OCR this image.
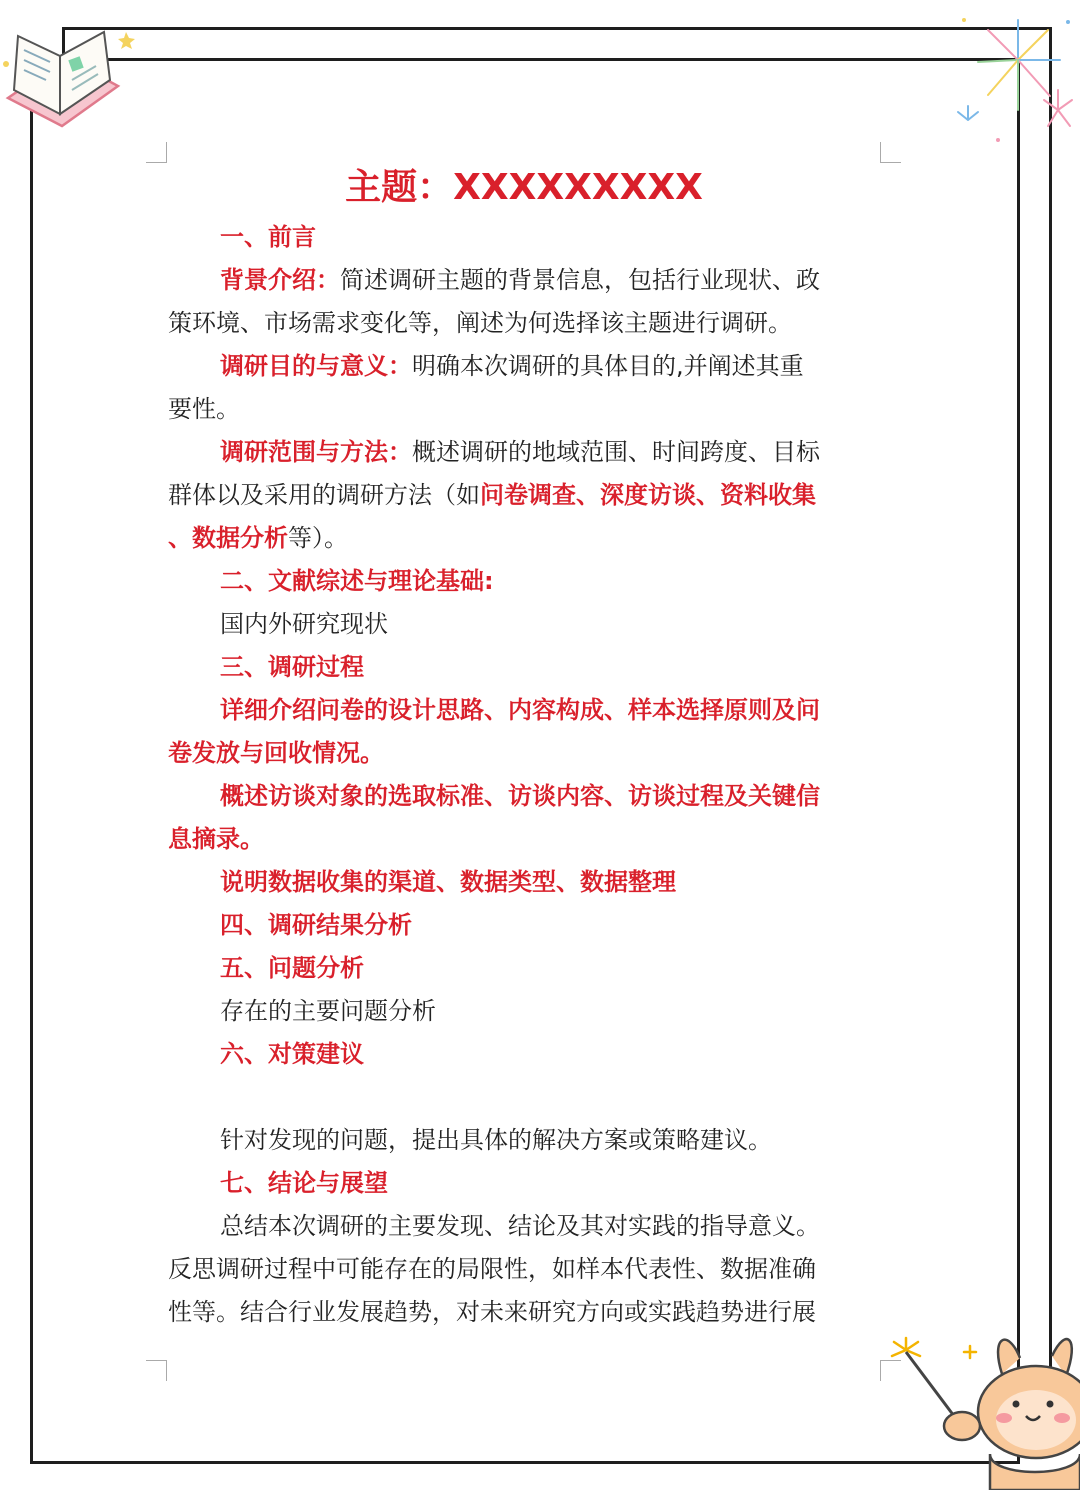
主题：XXXXXXXXX
一、前言
背景介绍：简述调研主题的背景信息，包括行业现状、政
策环境、市场需求变化等，阐述为何选择该主题进行调研。
调研目的与意义：明确本次调研的具体目的,并阐述其重
要性。
调研范围与方法：概述调研的地域范围、时间跨度、目标
群体以及采用的调研方法（如问卷调查、深度访谈、资料收集
、数据分析等）。
二、文献综述与理论基础:
国内外研究现状
三、调研过程
详细介绍问卷的设计思路、内容构成、样本选择原则及问
卷发放与回收情况。
概述访谈对象的选取标准、访谈内容、访谈过程及关键信
息摘录。
说明数据收集的渠道、数据类型、数据整理
四、调研结果分析
五、问题分析
存在的主要问题分析
六、对策建议
针对发现的问题，提出具体的解决方案或策略建议。
七、结论与展望
总结本次调研的主要发现、结论及其对实践的指导意义。
反思调研过程中可能存在的局限性，如样本代表性、数据准确
性等。结合行业发展趋势，对未来研究方向或实践趋势进行展
